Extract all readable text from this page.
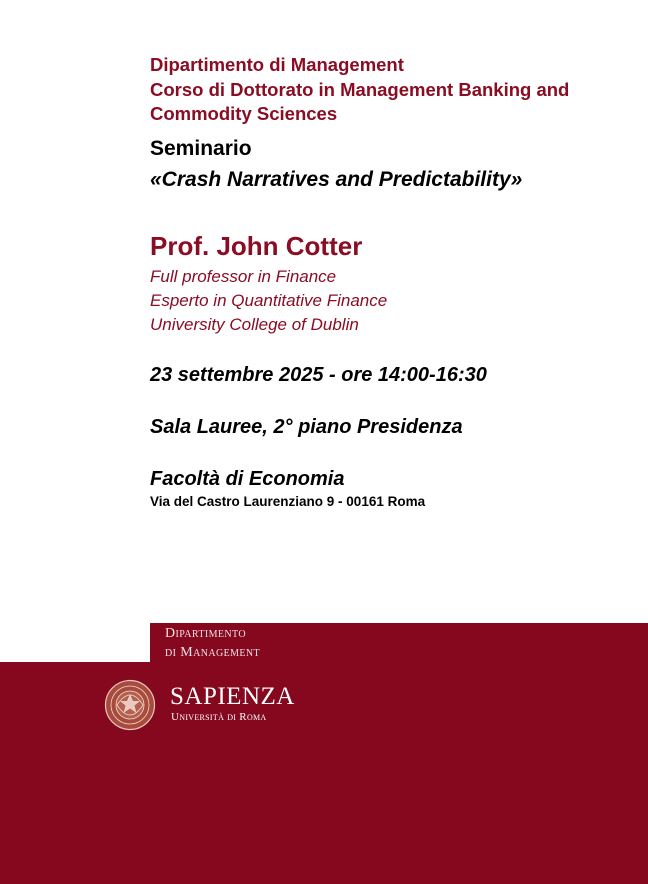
Dipartimento di Management
Corso di Dottorato in Management Banking and
Commodity Sciences
Seminario
«Crash Narratives and Predictability»
Prof. John Cotter
Full professor in Finance
Esperto in Quantitative Finance
University College of Dublin
23 settembre 2025 - ore 14:00-16:30
Sala Lauree, 2° piano Presidenza
Facoltà di Economia
Via del Castro Laurenziano 9 - 00161 Roma
Dipartimento
di Management
SAPIENZA
Università di Roma
